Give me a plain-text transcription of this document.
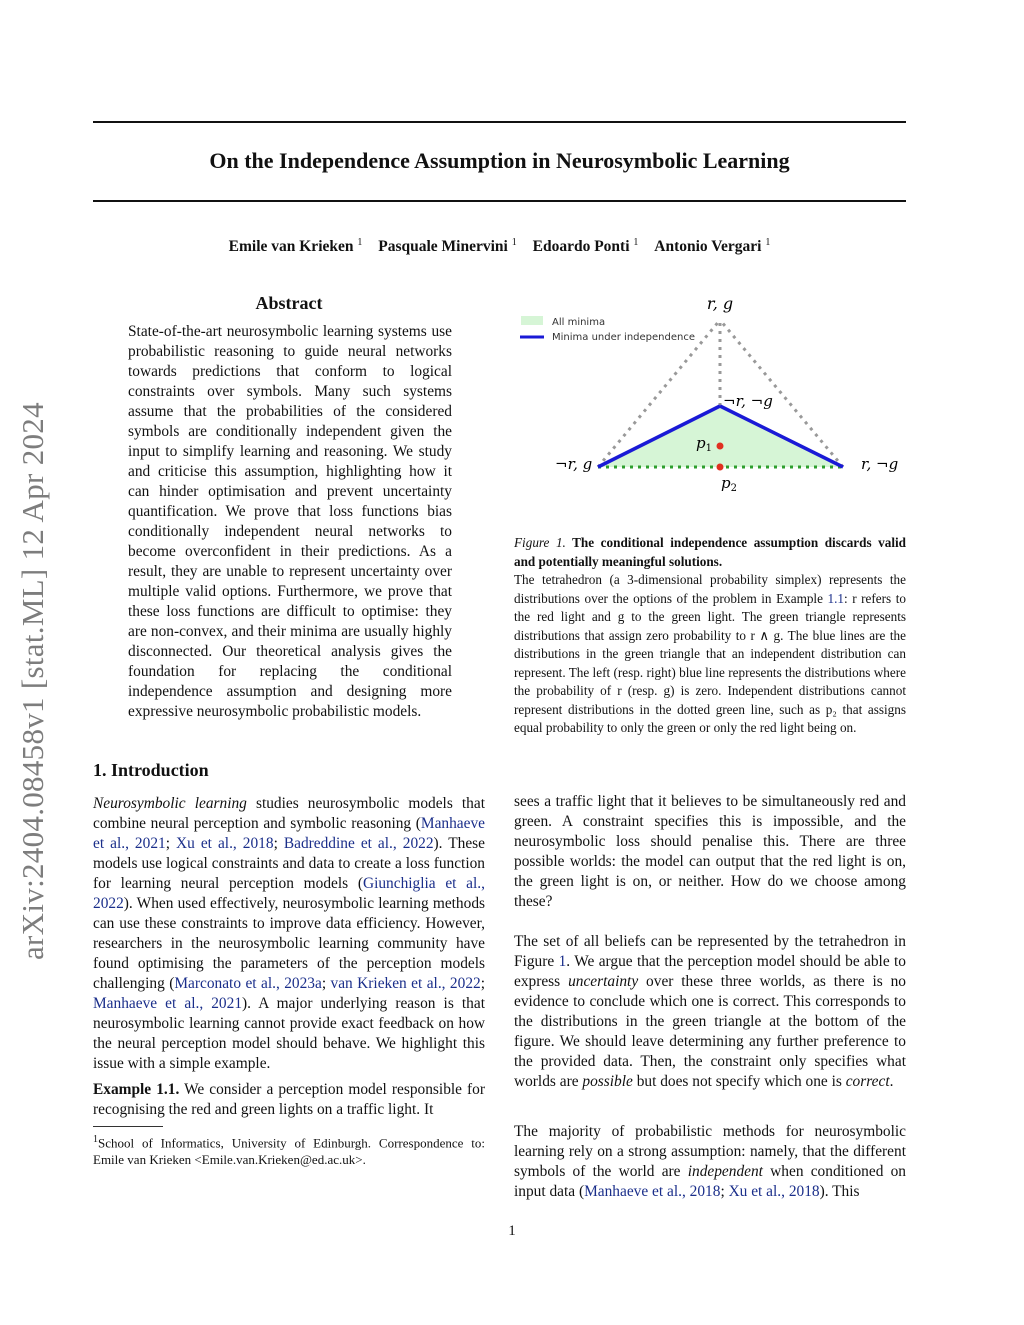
arXiv:2404.08458v1 [stat.ML] 12 Apr 2024
On the Independence Assumption in Neurosymbolic Learning
Emile van Krieken $^1$ Pasquale Minervini $^1$ Edoardo Ponti $^1$ Antonio Vergari $^1$
Abstract
State-of-the-art neurosymbolic learning systems use probabilistic reasoning to guide neural networks towards predictions that conform to logical constraints over symbols. Many such systems assume that the probabilities of the considered symbols are conditionally independent given the input to simplify learning and reasoning. We study and criticise this assumption, highlighting how it can hinder optimisation and prevent uncertainty quantification. We prove that loss functions bias conditionally independent neural networks to become overconfident in their predictions. As a result, they are unable to represent uncertainty over multiple valid options. Furthermore, we prove that these loss functions are difficult to optimise: they are non-convex, and their minima are usually highly disconnected. Our theoretical analysis gives the foundation for replacing the conditional independence assumption and designing more expressive neurosymbolic probabilistic models.
1. Introduction

Neurosymbolic learning studies neurosymbolic models that combine neural perception and symbolic reasoning (Manhaeve et al., 2021; Xu et al., 2018; Badreddine et al., 2022). These models use logical constraints and data to create a loss function for learning neural perception models (Giunchiglia et al., 2022). When used effectively, neurosymbolic learning methods can use these constraints to improve data efficiency. However, researchers in the neurosymbolic learning community have found optimising the parameters of the perception models challenging (Marconato et al., 2023a; van Krieken et al., 2022; Manhaeve et al., 2021). A major underlying reason is that neurosymbolic learning cannot provide exact feedback on how the neural perception model should behave. We highlight this issue with a simple example.

Example 1.1. We consider a perception model responsible for recognising the red and green lights on a traffic light. It
$^1$School of Informatics, University of Edinburgh. Correspondence to: Emile van Krieken <Emile.van.Krieken@ed.ac.uk>.
All minima
Minima under independence
r, g
¬r, ¬g
¬r, g	r, ¬g
$p_1$
$p_2$
Figure 1. The conditional independence assumption discards valid and potentially meaningful solutions.
The tetrahedron (a 3-dimensional probability simplex) represents the distributions over the options of the problem in Example 1.1: r refers to the red light and g to the green light. The green triangle represents distributions that assign zero probability to r ∧ g. The blue lines are the distributions in the green triangle that an independent distribution can represent. The left (resp. right) blue line represents the distributions where the probability of r (resp. g) is zero. Independent distributions cannot represent distributions in the dotted green line, such as p₂ that assigns equal probability to only the green or only the red light being on.
sees a traffic light that it believes to be simultaneously red and green. A constraint specifies this is impossible, and the neurosymbolic loss should penalise this. There are three possible worlds: the model can output that the red light is on, the green light is on, or neither. How do we choose among these?
The set of all beliefs can be represented by the tetrahedron in Figure 1. We argue that the perception model should be able to express uncertainty over these three worlds, as there is no evidence to conclude which one is correct. This corresponds to the distributions in the green triangle at the bottom of the figure. We should leave determining any further preference to the provided data. Then, the constraint only specifies what worlds are possible but does not specify which one is correct.
The majority of probabilistic methods for neurosymbolic learning rely on a strong assumption: namely, that the different symbols of the world are independent when conditioned on input data (Manhaeve et al., 2018; Xu et al., 2018). This
1
